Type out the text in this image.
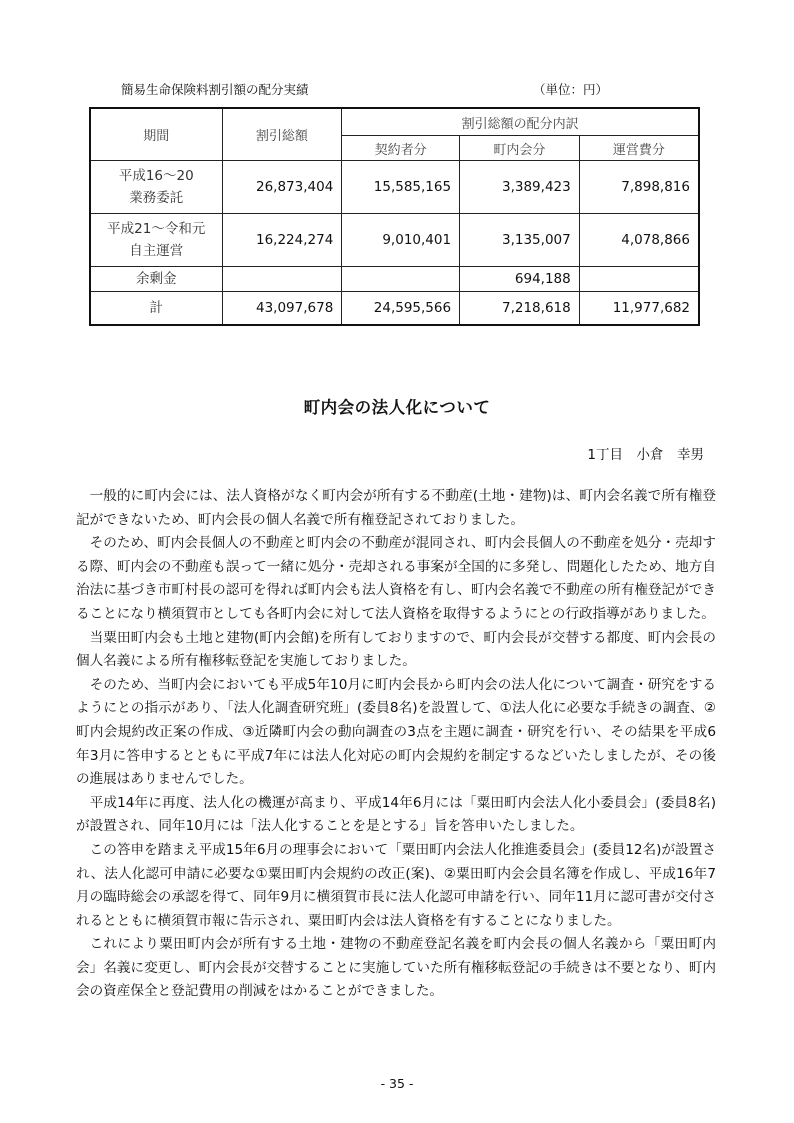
簡易生命保険料割引額の配分実績	（単位：円）
期間	割引総額	割引総額の配分内訳		
		契約者分	町内会分	運営費分

平成16～20
業務委託	26,873,404	15,585,165	3,389,423	7,898,816

平成21～令和元
自主運営	16,224,274	9,010,401	3,135,007	4,078,866
余剰金			694,188	
計	43,097,678	24,595,566	7,218,618	11,977,682
町内会の法人化について
1丁目　小倉　幸男

一般的に町内会には、法人資格がなく町内会が所有する不動産(土地・建物)は、町内会名義で所有権登記ができないため、町内会長の個人名義で所有権登記されておりました。

そのため、町内会長個人の不動産と町内会の不動産が混同され、町内会長個人の不動産を処分・売却する際、町内会の不動産も誤って一緒に処分・売却される事案が全国的に多発し、問題化したため、地方自治法に基づき市町村長の認可を得れば町内会も法人資格を有し、町内会名義で不動産の所有権登記ができることになり横須賀市としても各町内会に対して法人資格を取得するようにとの行政指導がありました。

当粟田町内会も土地と建物(町内会館)を所有しておりますので、町内会長が交替する都度、町内会長の個人名義による所有権移転登記を実施しておりました。

そのため、当町内会においても平成5年10月に町内会長から町内会の法人化について調査・研究をするようにとの指示があり、「法人化調査研究班」(委員8名)を設置して、①法人化に必要な手続きの調査、②町内会規約改正案の作成、③近隣町内会の動向調査の3点を主題に調査・研究を行い、その結果を平成6年3月に答申するとともに平成7年には法人化対応の町内会規約を制定するなどいたしましたが、その後の進展はありませんでした。

平成14年に再度、法人化の機運が高まり、平成14年6月には「粟田町内会法人化小委員会」(委員8名)が設置され、同年10月には「法人化することを是とする」旨を答申いたしました。

この答申を踏まえ平成15年6月の理事会において「粟田町内会法人化推進委員会」(委員12名)が設置され、法人化認可申請に必要な①粟田町内会規約の改正(案)、②粟田町内会会員名簿を作成し、平成16年7月の臨時総会の承認を得て、同年9月に横須賀市長に法人化認可申請を行い、同年11月に認可書が交付されるとともに横須賀市報に告示され、粟田町内会は法人資格を有することになりました。

これにより粟田町内会が所有する土地・建物の不動産登記名義を町内会長の個人名義から「粟田町内会」名義に変更し、町内会長が交替することに実施していた所有権移転登記の手続きは不要となり、町内会の資産保全と登記費用の削減をはかることができました。

- 35 -
